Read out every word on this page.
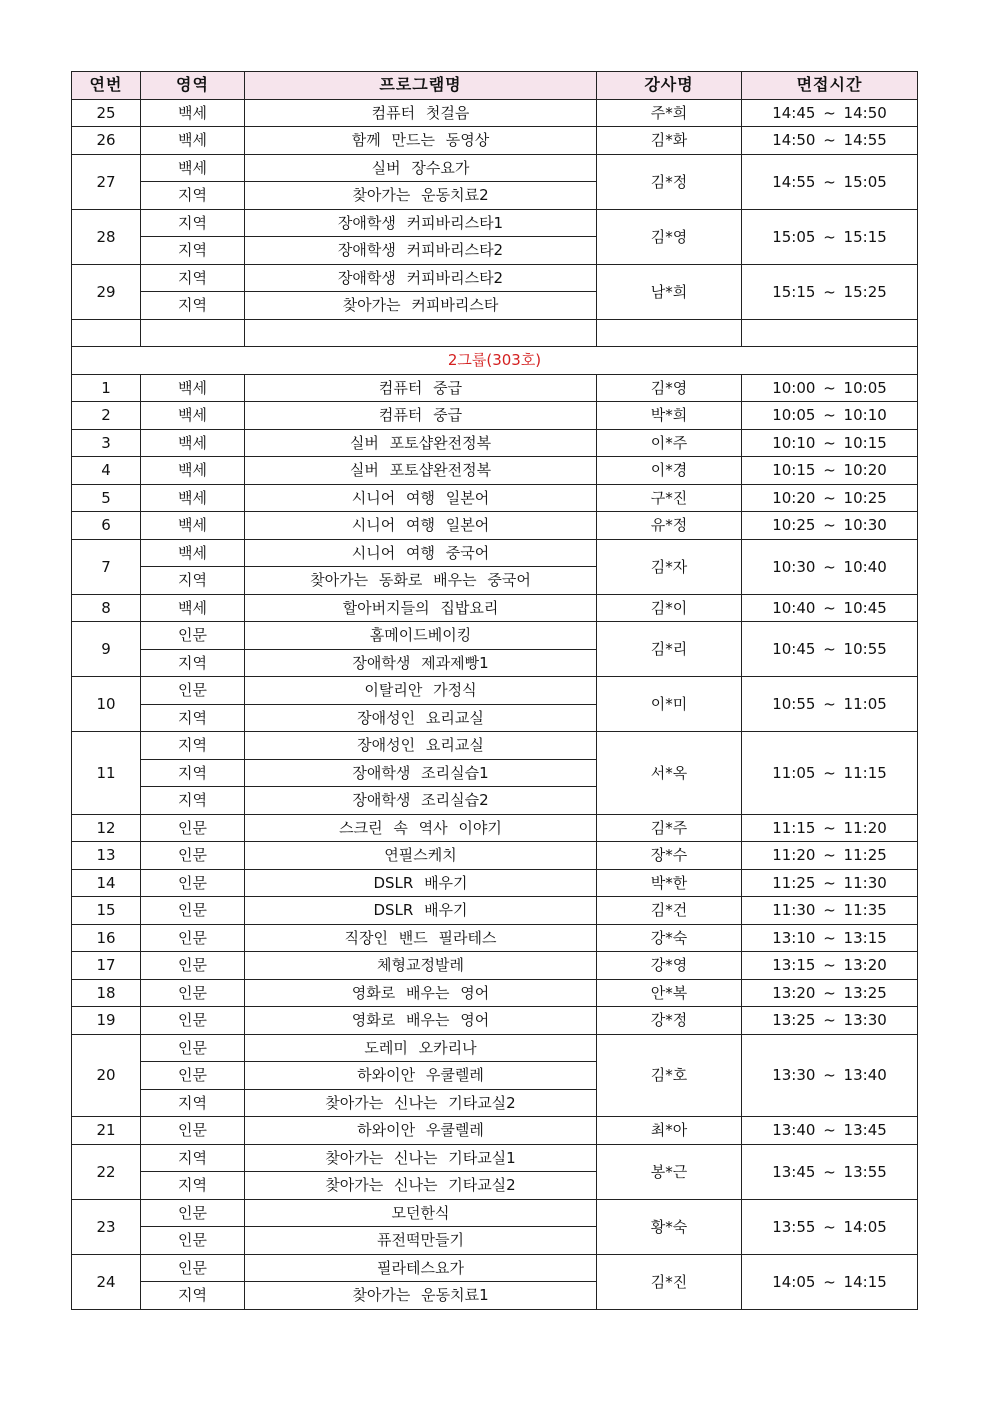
연번	영역	프로그램명	강사명	면접시간
25	백세	컴퓨터 첫걸음	주*희	14:45 ~ 14:50
26	백세	함께 만드는 동영상	김*화	14:50 ~ 14:55
27	백세	실버 장수요가	김*정	14:55 ~ 15:05
	지역	찾아가는 운동치료2		
28	지역	장애학생 커피바리스타1	김*영	15:05 ~ 15:15
	지역	장애학생 커피바리스타2		
29	지역	장애학생 커피바리스타2	남*희	15:15 ~ 15:25
	지역	찾아가는 커피바리스타		

2그룹(303호)				
1	백세	컴퓨터 중급	김*영	10:00 ~ 10:05
2	백세	컴퓨터 중급	박*희	10:05 ~ 10:10
3	백세	실버 포토샵완전정복	이*주	10:10 ~ 10:15
4	백세	실버 포토샵완전정복	이*경	10:15 ~ 10:20
5	백세	시니어 여행 일본어	구*진	10:20 ~ 10:25
6	백세	시니어 여행 일본어	유*정	10:25 ~ 10:30
7	백세	시니어 여행 중국어	김*자	10:30 ~ 10:40
	지역	찾아가는 동화로 배우는 중국어		
8	백세	할아버지들의 집밥요리	김*이	10:40 ~ 10:45
9	인문	홈메이드베이킹	김*리	10:45 ~ 10:55
	지역	장애학생 제과제빵1		
10	인문	이탈리안 가정식	이*미	10:55 ~ 11:05
	지역	장애성인 요리교실		
11	지역	장애성인 요리교실	서*옥	11:05 ~ 11:15
	지역	장애학생 조리실습1		
	지역	장애학생 조리실습2		
12	인문	스크린 속 역사 이야기	김*주	11:15 ~ 11:20
13	인문	연필스케치	장*수	11:20 ~ 11:25
14	인문	DSLR 배우기	박*한	11:25 ~ 11:30
15	인문	DSLR 배우기	김*건	11:30 ~ 11:35
16	인문	직장인 밴드 필라테스	강*숙	13:10 ~ 13:15
17	인문	체형교정발레	강*영	13:15 ~ 13:20
18	인문	영화로 배우는 영어	안*복	13:20 ~ 13:25
19	인문	영화로 배우는 영어	강*정	13:25 ~ 13:30
20	인문	도레미 오카리나	김*호	13:30 ~ 13:40
	인문	하와이안 우쿨렐레		
	지역	찾아가는 신나는 기타교실2		
21	인문	하와이안 우쿨렐레	최*아	13:40 ~ 13:45
22	지역	찾아가는 신나는 기타교실1	봉*근	13:45 ~ 13:55
	지역	찾아가는 신나는 기타교실2		
23	인문	모던한식	황*숙	13:55 ~ 14:05
	인문	퓨전떡만들기		
24	인문	필라테스요가	김*진	14:05 ~ 14:15
	지역	찾아가는 운동치료1		
